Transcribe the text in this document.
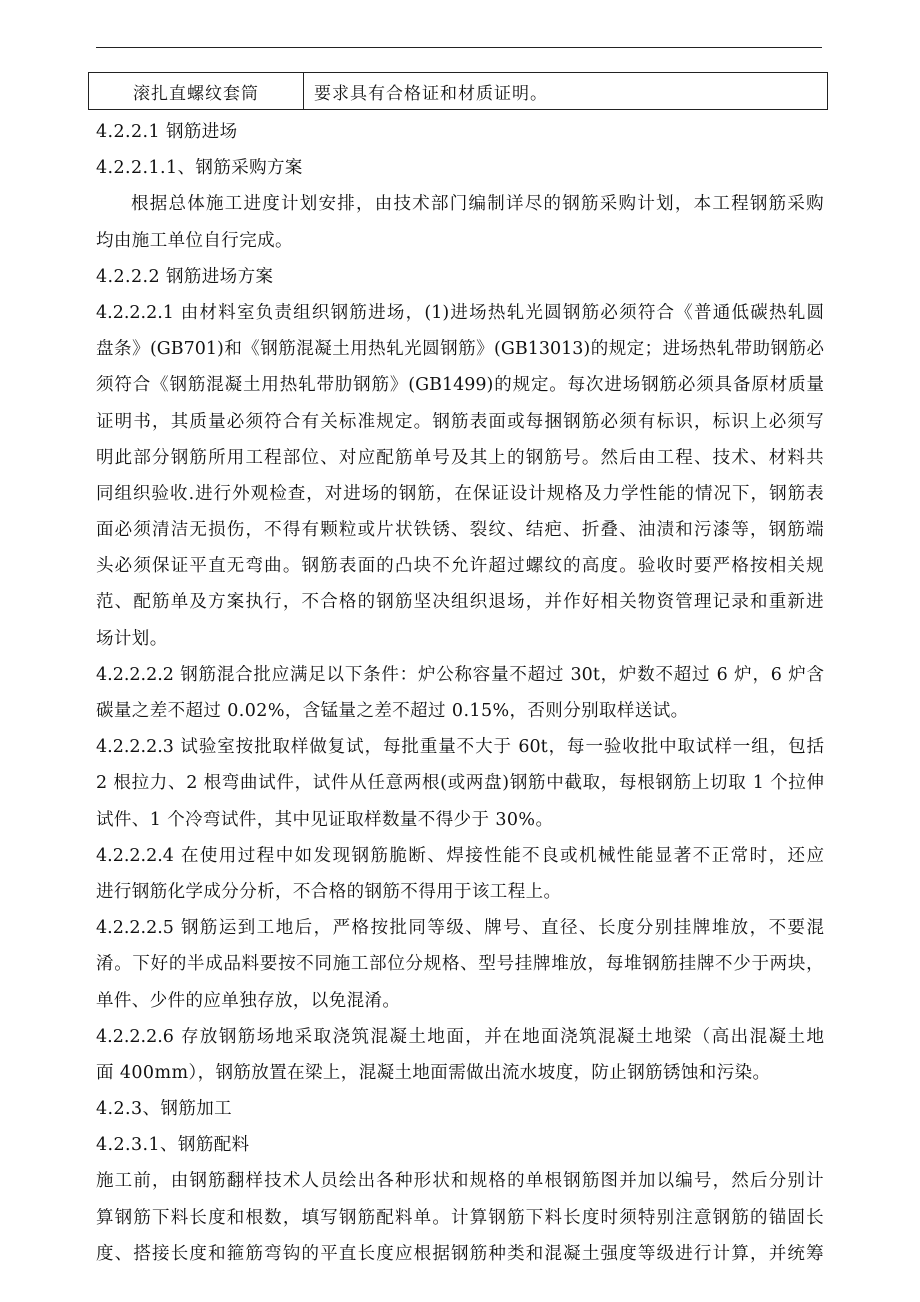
滚扎直螺纹套筒	要求具有合格证和材质证明。
4.2.2.1 钢筋进场
4.2.2.1.1、钢筋采购方案
根据总体施工进度计划安排，由技术部门编制详尽的钢筋采购计划，本工程钢筋采购
均由施工单位自行完成。
4.2.2.2 钢筋进场方案
4.2.2.2.1 由材料室负责组织钢筋进场，(1)进场热轧光圆钢筋必须符合《普通低碳热轧圆
盘条》(GB701)和《钢筋混凝土用热轧光圆钢筋》(GB13013)的规定；进场热轧带助钢筋必
须符合《钢筋混凝土用热轧带肋钢筋》(GB1499)的规定。每次进场钢筋必须具备原材质量
证明书，其质量必须符合有关标准规定。钢筋表面或每捆钢筋必须有标识，标识上必须写
明此部分钢筋所用工程部位、对应配筋单号及其上的钢筋号。然后由工程、技术、材料共
同组织验收.进行外观检查，对进场的钢筋，在保证设计规格及力学性能的情况下，钢筋表
面必须清洁无损伤，不得有颗粒或片状铁锈、裂纹、结疤、折叠、油渍和污漆等，钢筋端
头必须保证平直无弯曲。钢筋表面的凸块不允许超过螺纹的高度。验收时要严格按相关规
范、配筋单及方案执行，不合格的钢筋坚决组织退场，并作好相关物资管理记录和重新进
场计划。
4.2.2.2.2 钢筋混合批应满足以下条件：炉公称容量不超过 30t，炉数不超过 6 炉，6 炉含
碳量之差不超过 0.02%，含锰量之差不超过 0.15%，否则分别取样送试。
4.2.2.2.3 试验室按批取样做复试，每批重量不大于 60t，每一验收批中取试样一组，包括
2 根拉力、2 根弯曲试件，试件从任意两根(或两盘)钢筋中截取，每根钢筋上切取 1 个拉伸
试件、1 个冷弯试件，其中见证取样数量不得少于 30%。
4.2.2.2.4 在使用过程中如发现钢筋脆断、焊接性能不良或机械性能显著不正常时，还应
进行钢筋化学成分分析，不合格的钢筋不得用于该工程上。
4.2.2.2.5 钢筋运到工地后，严格按批同等级、牌号、直径、长度分别挂牌堆放，不要混
淆。下好的半成品料要按不同施工部位分规格、型号挂牌堆放，每堆钢筋挂牌不少于两块，
单件、少件的应单独存放，以免混淆。
4.2.2.2.6 存放钢筋场地采取浇筑混凝土地面，并在地面浇筑混凝土地梁（高出混凝土地
面 400mm），钢筋放置在梁上，混凝土地面需做出流水坡度，防止钢筋锈蚀和污染。
4.2.3、钢筋加工
4.2.3.1、钢筋配料
施工前，由钢筋翻样技术人员绘出各种形状和规格的单根钢筋图并加以编号，然后分别计
算钢筋下料长度和根数，填写钢筋配料单。计算钢筋下料长度时须特别注意钢筋的锚固长
度、搭接长度和箍筋弯钩的平直长度应根据钢筋种类和混凝土强度等级进行计算，并统筹
